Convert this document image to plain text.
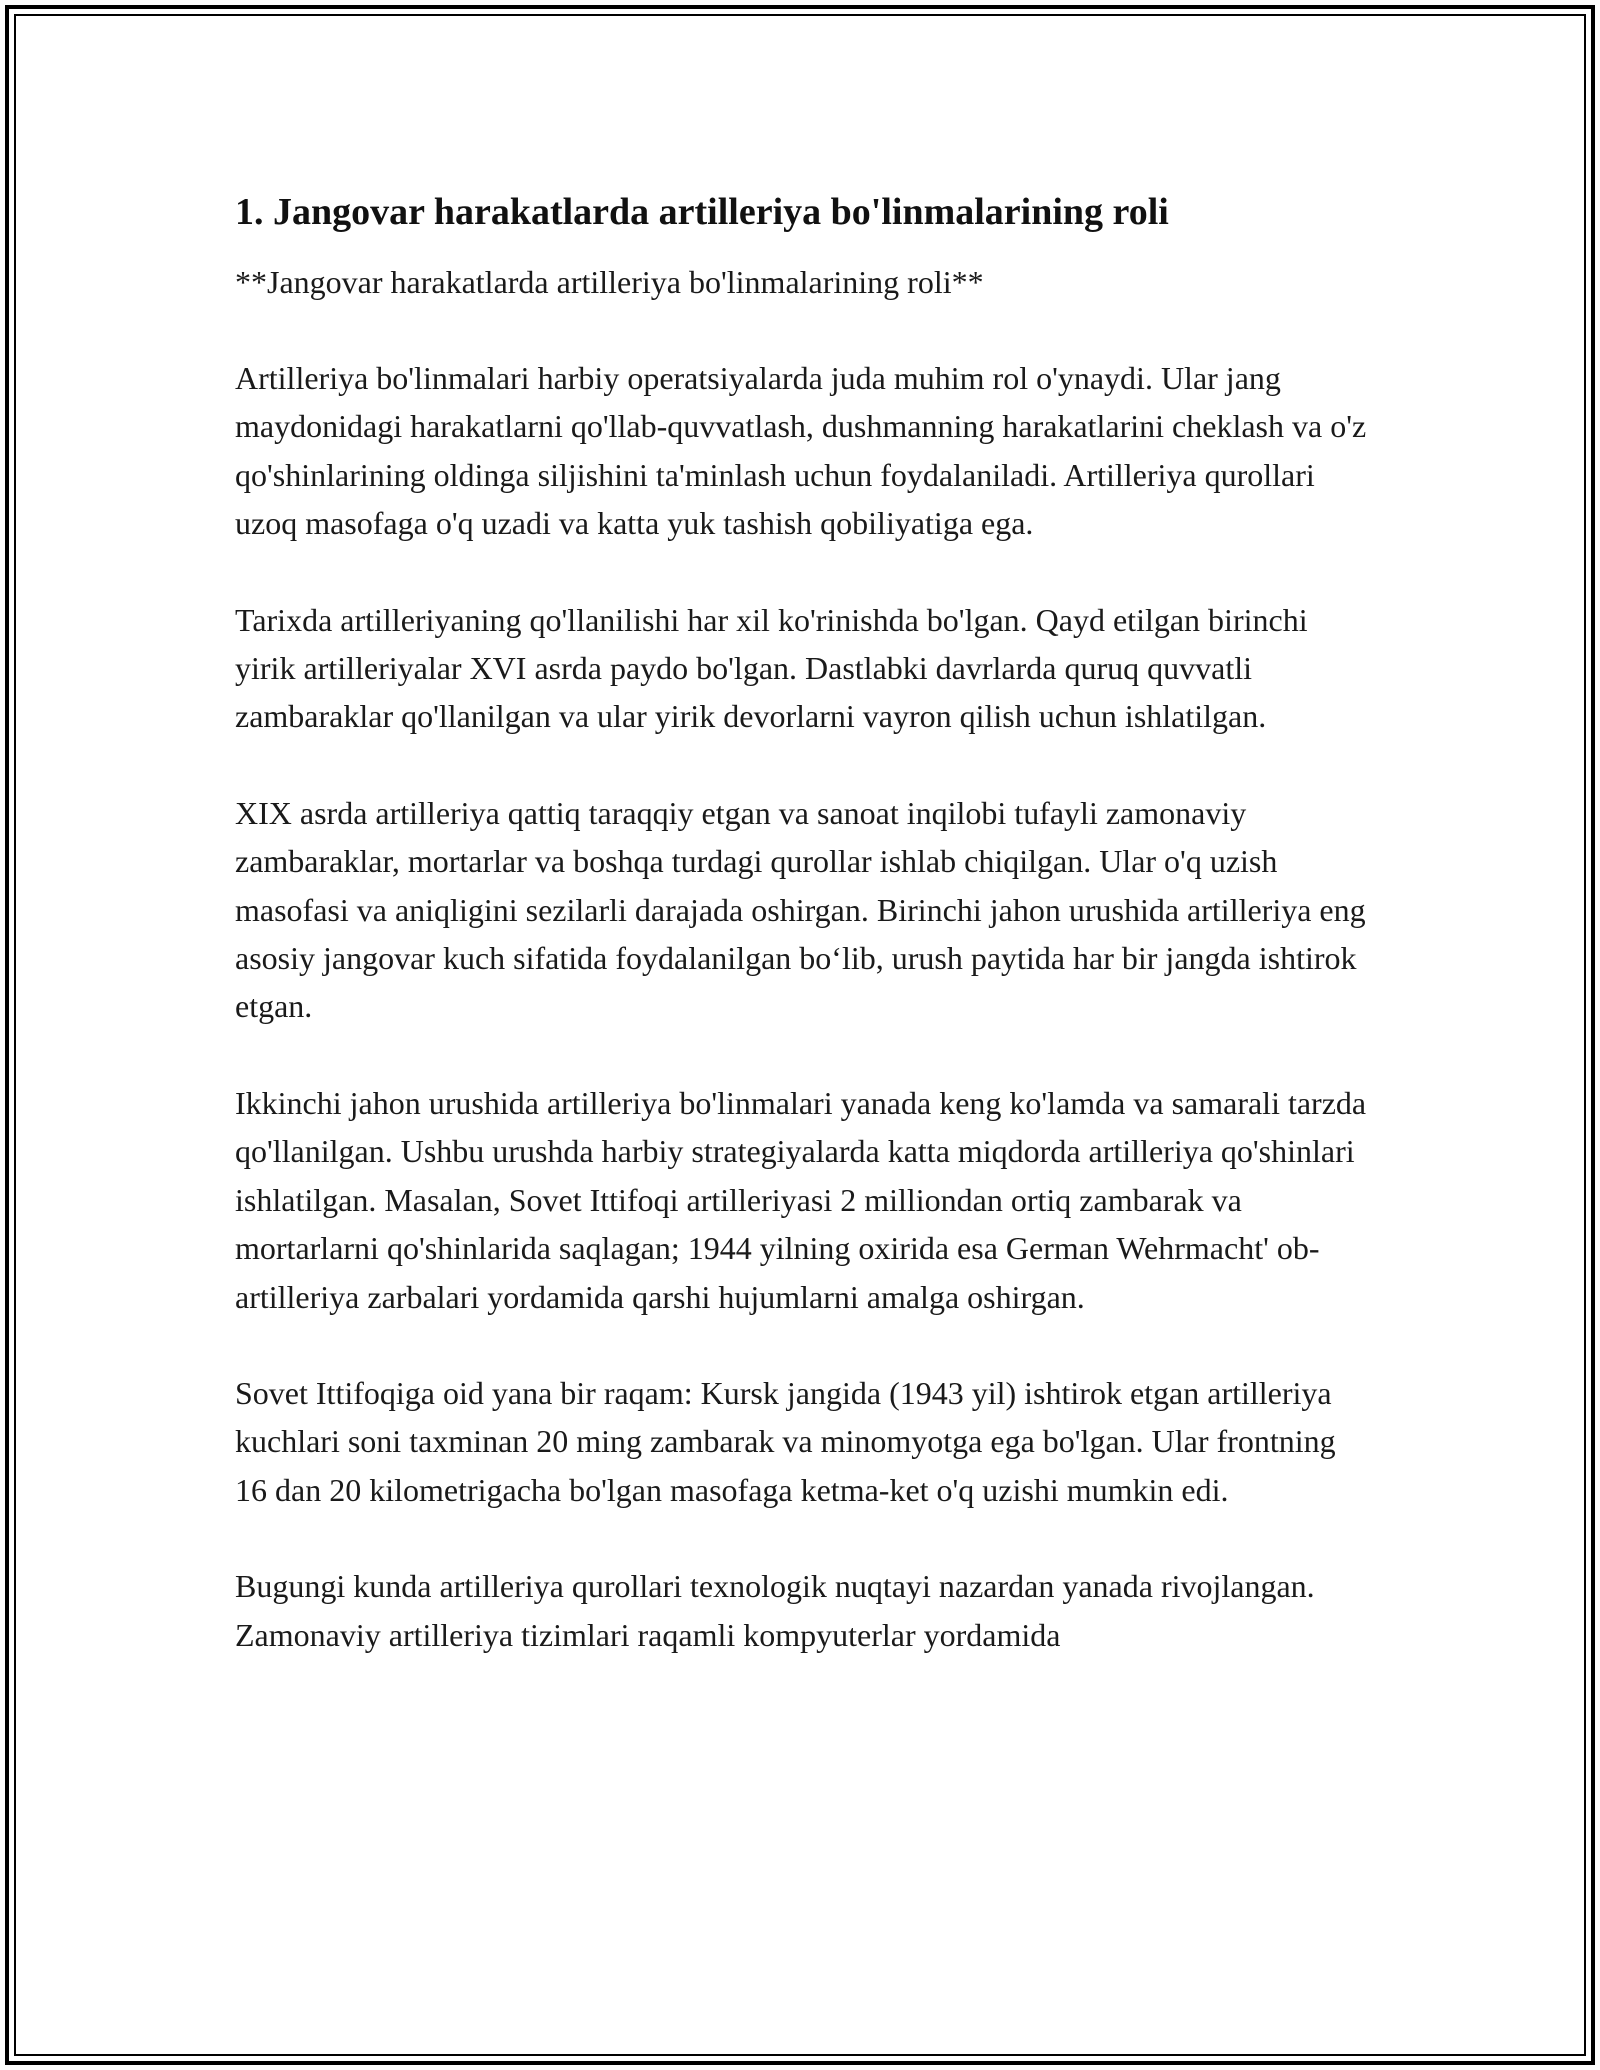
1. Jangovar harakatlarda artilleriya bo'linmalarining roli

**Jangovar harakatlarda artilleriya bo'linmalarining roli**

Artilleriya bo'linmalari harbiy operatsiyalarda juda muhim rol o'ynaydi. Ular jang maydonidagi harakatlarni qo'llab-quvvatlash, dushmanning harakatlarini cheklash va o'z qo'shinlarining oldinga siljishini ta'minlash uchun foydalaniladi. Artilleriya qurollari uzoq masofaga o'q uzadi va katta yuk tashish qobiliyatiga ega.

Tarixda artilleriyaning qo'llanilishi har xil ko'rinishda bo'lgan. Qayd etilgan birinchi yirik artilleriyalar XVI asrda paydo bo'lgan. Dastlabki davrlarda quruq quvvatli zambaraklar qo'llanilgan va ular yirik devorlarni vayron qilish uchun ishlatilgan.

XIX asrda artilleriya qattiq taraqqiy etgan va sanoat inqilobi tufayli zamonaviy zambaraklar, mortarlar va boshqa turdagi qurollar ishlab chiqilgan. Ular o'q uzish masofasi va aniqligini sezilarli darajada oshirgan. Birinchi jahon urushida artilleriya eng asosiy jangovar kuch sifatida foydalanilgan bo‘lib, urush paytida har bir jangda ishtirok etgan.

Ikkinchi jahon urushida artilleriya bo'linmalari yanada keng ko'lamda va samarali tarzda qo'llanilgan. Ushbu urushda harbiy strategiyalarda katta miqdorda artilleriya qo'shinlari ishlatilgan. Masalan, Sovet Ittifoqi artilleriyasi 2 milliondan ortiq zambarak va mortarlarni qo'shinlarida saqlagan; 1944 yilning oxirida esa German Wehrmacht' ob-artilleriya zarbalari yordamida qarshi hujumlarni amalga oshirgan.

Sovet Ittifoqiga oid yana bir raqam: Kursk jangida (1943 yil) ishtirok etgan artilleriya kuchlari soni taxminan 20 ming zambarak va minomyotga ega bo'lgan. Ular frontning 16 dan 20 kilometrigacha bo'lgan masofaga ketma-ket o'q uzishi mumkin edi.

Bugungi kunda artilleriya qurollari texnologik nuqtayi nazardan yanada rivojlangan. Zamonaviy artilleriya tizimlari raqamli kompyuterlar yordamida
